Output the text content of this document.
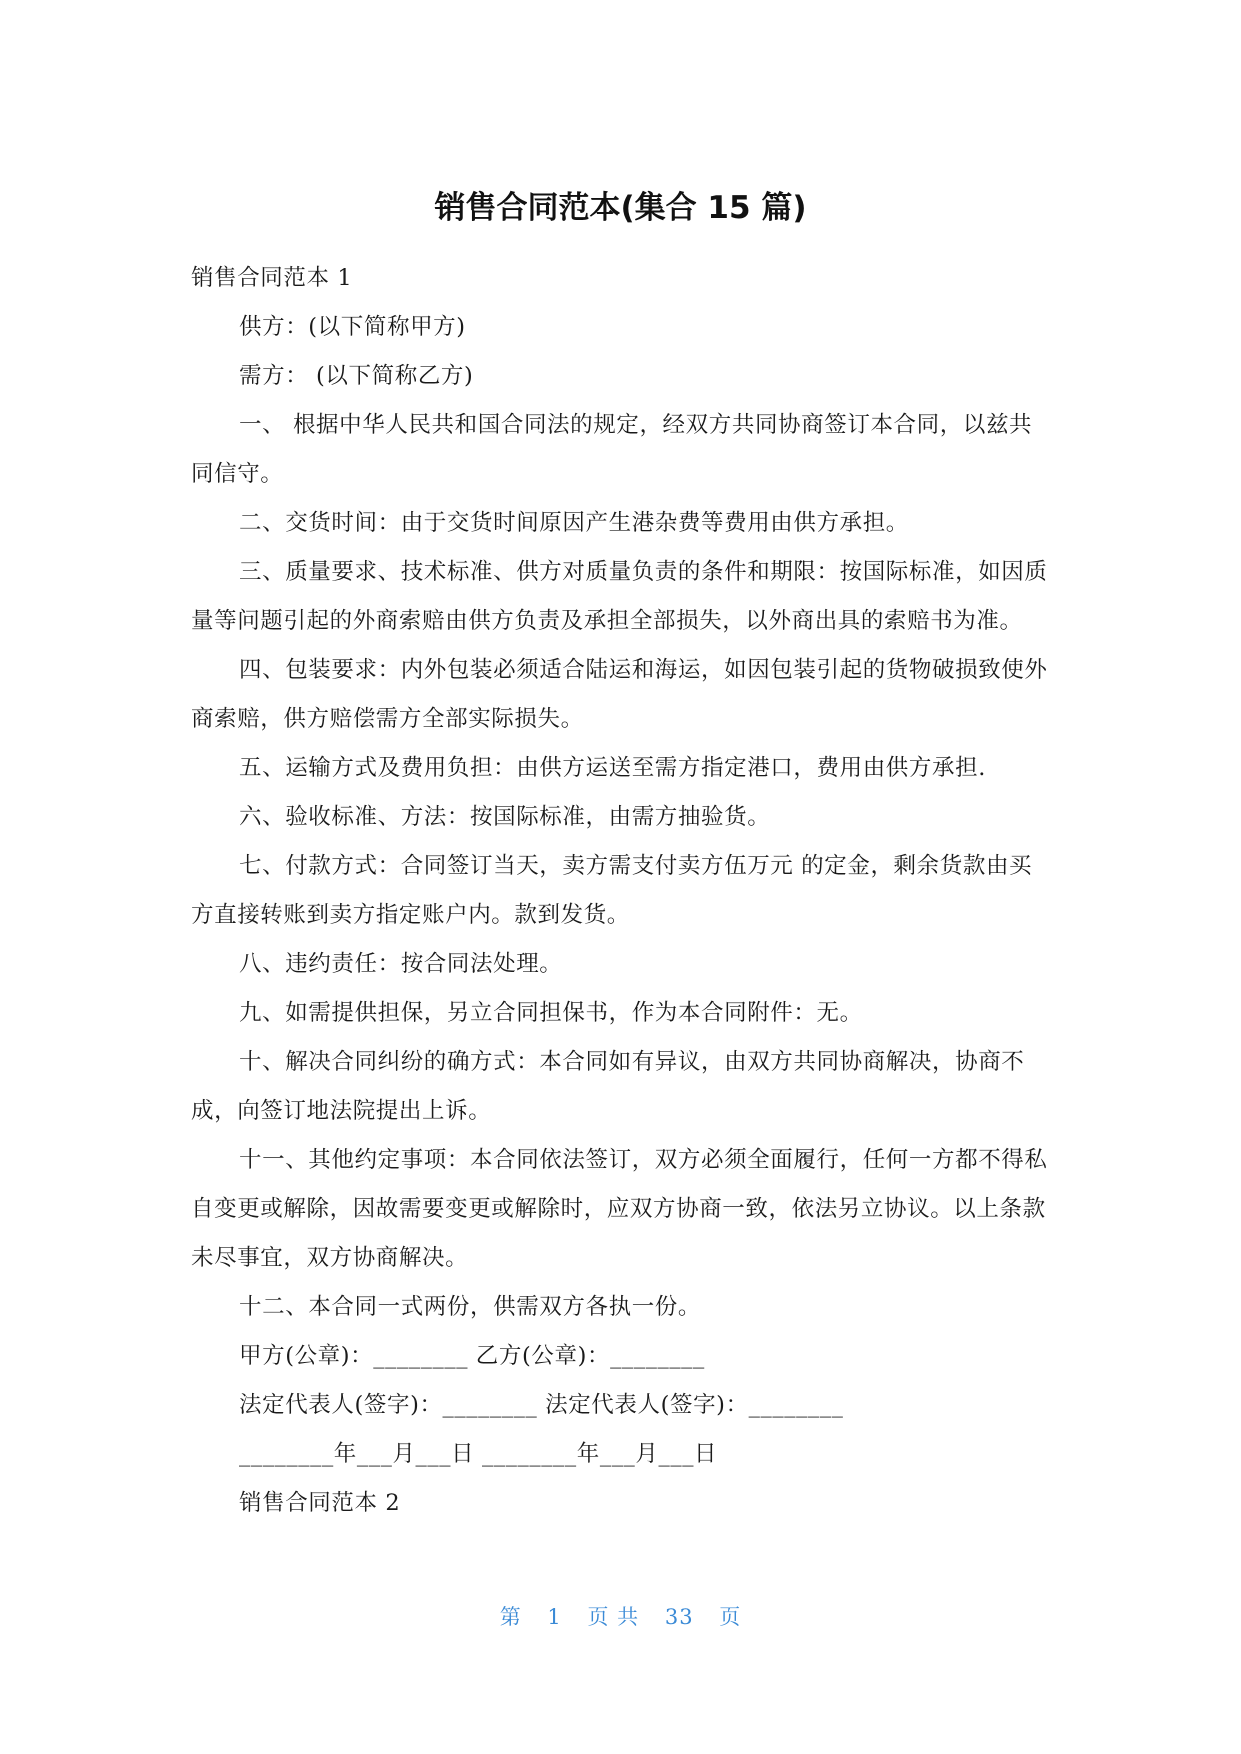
销售合同范本(集合 15 篇)

销售合同范本 1

供方：(以下简称甲方)

需方： (以下简称乙方)

一、 根据中华人民共和国合同法的规定，经双方共同协商签订本合同，以兹共同信守。

二、交货时间：由于交货时间原因产生港杂费等费用由供方承担。

三、质量要求、技术标准、供方对质量负责的条件和期限：按国际标准，如因质量等问题引起的外商索赔由供方负责及承担全部损失，以外商出具的索赔书为准。

四、包装要求：内外包装必须适合陆运和海运，如因包装引起的货物破损致使外商索赔，供方赔偿需方全部实际损失。

五、运输方式及费用负担：由供方运送至需方指定港口，费用由供方承担.

六、验收标准、方法：按国际标准，由需方抽验货。

七、付款方式：合同签订当天，卖方需支付卖方伍万元 的定金，剩余货款由买方直接转账到卖方指定账户内。款到发货。

八、违约责任：按合同法处理。

九、如需提供担保，另立合同担保书，作为本合同附件：无。

十、解决合同纠纷的确方式：本合同如有异议，由双方共同协商解决，协商不成，向签订地法院提出上诉。

十一、其他约定事项：本合同依法签订，双方必须全面履行，任何一方都不得私自变更或解除，因故需要变更或解除时，应双方协商一致，依法另立协议。以上条款未尽事宜，双方协商解决。

十二、本合同一式两份，供需双方各执一份。

甲方(公章)：________ 乙方(公章)：________

法定代表人(签字)：________ 法定代表人(签字)：________

________年___月___日 ________年___月___日

销售合同范本 2

第 1 页 共 33 页
